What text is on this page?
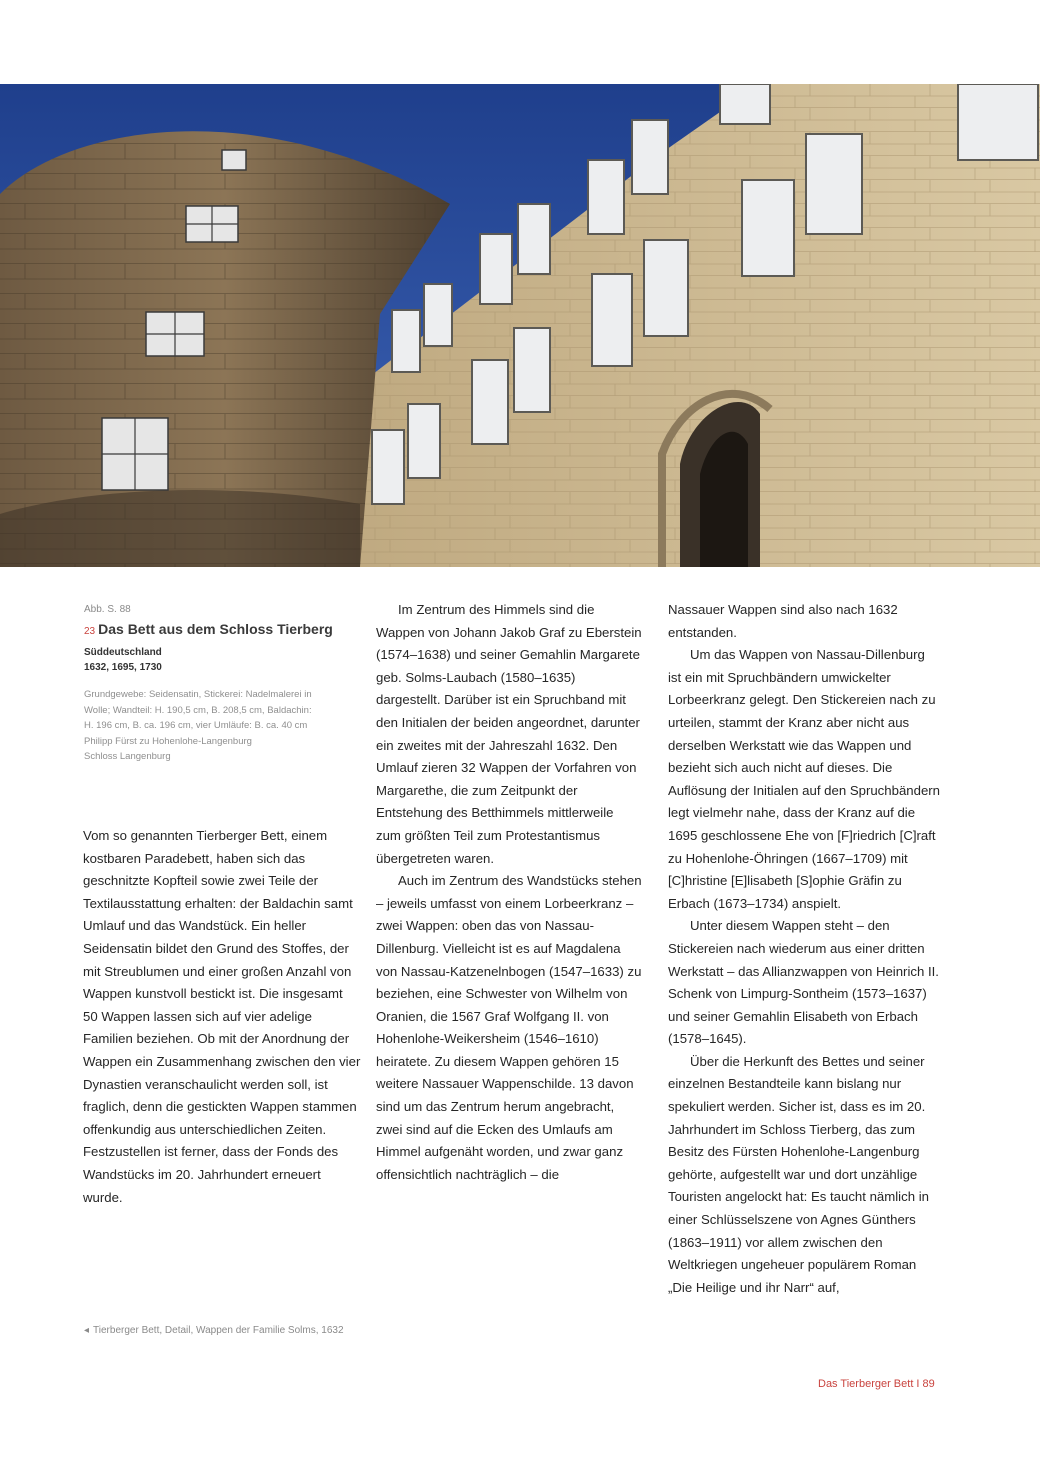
Abb. S. 88
23 Das Bett aus dem Schloss Tierberg
Süddeutschland
1632, 1695, 1730
Grundgewebe: Seidensatin, Stickerei: Nadelmalerei in
Wolle; Wandteil: H. 190,5 cm, B. 208,5 cm, Baldachin:
H. 196 cm, B. ca. 196 cm, vier Umläufe: B. ca. 40 cm
Philipp Fürst zu Hohenlohe-Langenburg
Schloss Langenburg

Vom so genannten Tierberger Bett, einem kostbaren Paradebett, haben sich das geschnitzte Kopfteil sowie zwei Teile der Textilausstattung erhalten: der Baldachin samt Umlauf und das Wandstück. Ein heller Seidensatin bildet den Grund des Stoffes, der mit Streublumen und einer großen Anzahl von Wappen kunstvoll bestickt ist. Die insgesamt 50 Wappen lassen sich auf vier adelige Familien beziehen. Ob mit der Anordnung der Wappen ein Zusammenhang zwischen den vier Dynastien veranschaulicht werden soll, ist fraglich, denn die gestickten Wappen stammen offenkundig aus unterschiedlichen Zeiten. Festzustellen ist ferner, dass der Fonds des Wandstücks im 20. Jahrhundert erneuert wurde.

Im Zentrum des Himmels sind die Wappen von Johann Jakob Graf zu Eberstein (1574–1638) und seiner Gemahlin Margarete geb. Solms-Laubach (1580–1635) dargestellt. Darüber ist ein Spruchband mit den Initialen der beiden angeordnet, darunter ein zweites mit der Jahreszahl 1632. Den Umlauf zieren 32 Wappen der Vorfahren von Margarethe, die zum Zeitpunkt der Entstehung des Betthimmels mittlerweile zum größten Teil zum Protestantismus übergetreten waren.

Auch im Zentrum des Wandstücks stehen – jeweils umfasst von einem Lorbeerkranz – zwei Wappen: oben das von Nassau-Dillenburg. Vielleicht ist es auf Magdalena von Nassau-Katzenelnbogen (1547–1633) zu beziehen, eine Schwester von Wilhelm von Oranien, die 1567 Graf Wolfgang II. von Hohenlohe-Weikersheim (1546–1610) heiratete. Zu diesem Wappen gehören 15 weitere Nassauer Wappenschilde. 13 davon sind um das Zentrum herum angebracht, zwei sind auf die Ecken des Umlaufs am Himmel aufgenäht worden, und zwar ganz offensichtlich nachträglich – die

Nassauer Wappen sind also nach 1632 entstanden.

Um das Wappen von Nassau-Dillenburg ist ein mit Spruchbändern umwickelter Lorbeerkranz gelegt. Den Stickereien nach zu urteilen, stammt der Kranz aber nicht aus derselben Werkstatt wie das Wappen und bezieht sich auch nicht auf dieses. Die Auflösung der Initialen auf den Spruchbändern legt vielmehr nahe, dass der Kranz auf die 1695 geschlossene Ehe von [F]riedrich [C]raft zu Hohenlohe-Öhringen (1667–1709) mit [C]hristine [E]lisabeth [S]ophie Gräfin zu Erbach (1673–1734) anspielt.

Unter diesem Wappen steht – den Stickereien nach wiederum aus einer dritten Werkstatt – das Allianzwappen von Heinrich II. Schenk von Limpurg-Sontheim (1573–1637) und seiner Gemahlin Elisabeth von Erbach (1578–1645).

Über die Herkunft des Bettes und seiner einzelnen Bestandteile kann bislang nur spekuliert werden. Sicher ist, dass es im 20. Jahrhundert im Schloss Tierberg, das zum Besitz des Fürsten Hohenlohe-Langenburg gehörte, aufgestellt war und dort unzählige Touristen angelockt hat: Es taucht nämlich in einer Schlüsselszene von Agnes Günthers (1863–1911) vor allem zwischen den Weltkriegen ungeheuer populärem Roman „Die Heilige und ihr Narr“ auf,

◂ Tierberger Bett, Detail, Wappen der Familie Solms, 1632
Das Tierberger Bett I 89
